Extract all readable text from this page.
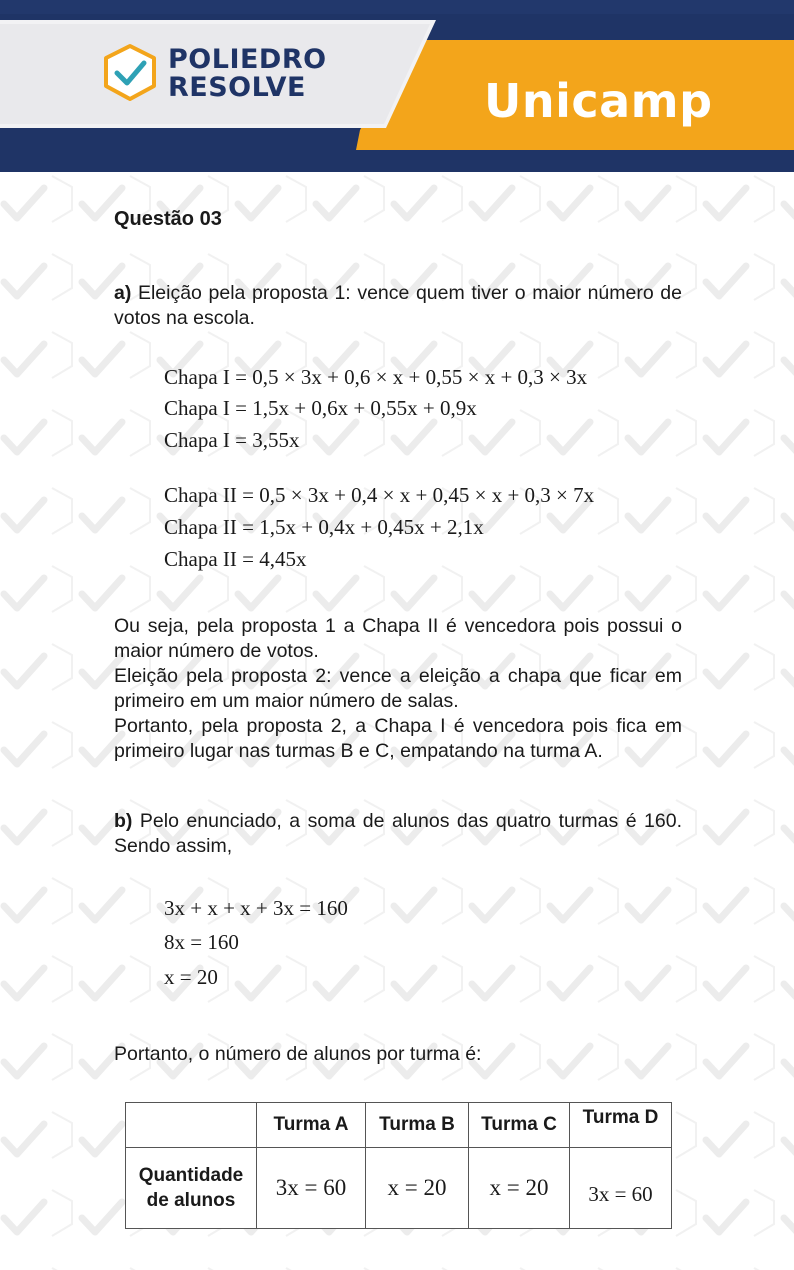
POLIEDRO
RESOLVE	Unicamp
Questão 03

a) Eleição pela proposta 1: vence quem tiver o maior número de votos na escola.

Chapa I = 0,5 × 3x + 0,6 × x + 0,55 × x + 0,3 × 3x
Chapa I = 1,5x + 0,6x + 0,55x + 0,9x
Chapa I = 3,55x
Chapa II = 0,5 × 3x + 0,4 × x + 0,45 × x + 0,3 × 7x
Chapa II = 1,5x + 0,4x + 0,45x + 2,1x
Chapa II = 4,45x

Ou seja, pela proposta 1 a Chapa II é vencedora pois possui o maior número de votos.

Eleição pela proposta 2: vence a eleição a chapa que ficar em primeiro em um maior número de salas.

Portanto, pela proposta 2, a Chapa I é vencedora pois fica em primeiro lugar nas turmas B e C, empatando na turma A.

b) Pelo enunciado, a soma de alunos das quatro turmas é 160. Sendo assim,

3x + x + x + 3x = 160
8x = 160
x = 20

Portanto, o número de alunos por turma é:

	Turma A	Turma B	Turma C	Turma D
Quantidade de alunos	3x = 60	x = 20	x = 20	3x = 60
